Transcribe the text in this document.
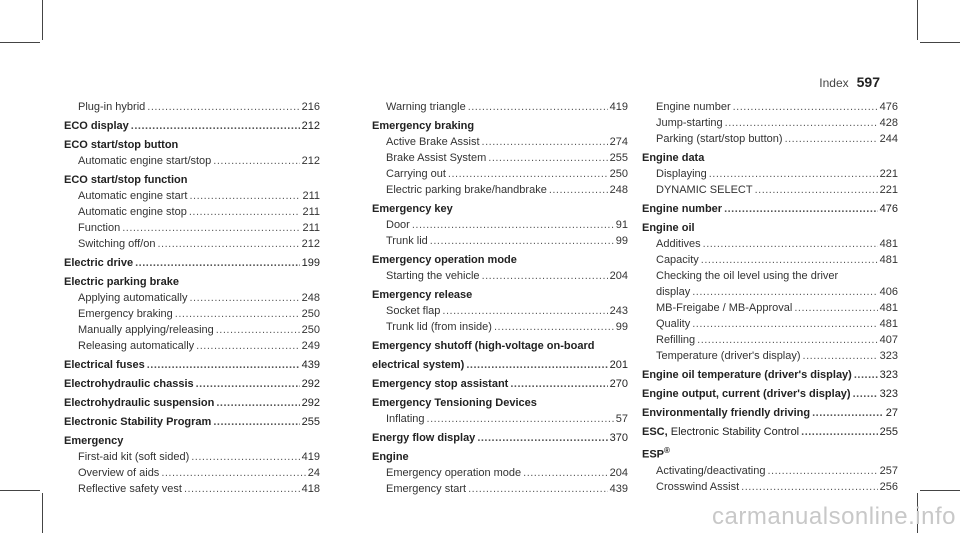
Index 597
Plug-in hybrid .....	216
ECO display .....	212
ECO start/stop button
Automatic engine start/stop .....	212
ECO start/stop function
Automatic engine start .....	211
Automatic engine stop .....	211
Function .....	211
Switching off/on .....	212
Electric drive .....	199
Electric parking brake
Applying automatically .....	248
Emergency braking .....	250
Manually applying/releasing .....	250
Releasing automatically .....	249
Electrical fuses .....	439
Electrohydraulic chassis .....	292
Electrohydraulic suspension .....	292
Electronic Stability Program .....	255
Emergency
First-aid kit (soft sided) .....	419
Overview of aids .....	24
Reflective safety vest .....	418
Warning triangle .....	419
Emergency braking
Active Brake Assist .....	274
Brake Assist System .....	255
Carrying out .....	250
Electric parking brake/handbrake .....	248
Emergency key
Door .....	91
Trunk lid .....	99
Emergency operation mode
Starting the vehicle .....	204
Emergency release
Socket flap .....	243
Trunk lid (from inside) .....	99
Emergency shutoff (high-voltage on-board
electrical system) .....	201
Emergency stop assistant .....	270
Emergency Tensioning Devices
Inflating .....	57
Energy flow display .....	370
Engine
Emergency operation mode .....	204
Emergency start .....	439
Engine number .....	476
Jump-starting .....	428
Parking (start/stop button) .....	244
Engine data
Displaying .....	221
DYNAMIC SELECT .....	221
Engine number .....	476
Engine oil
Additives .....	481
Capacity .....	481
Checking the oil level using the driver
display .....	406
MB-Freigabe / MB-Approval .....	481
Quality .....	481
Refilling .....	407
Temperature (driver's display) .....	323
Engine oil temperature (driver's display) .....	323
Engine output, current (driver's display) .....	323
Environmentally friendly driving .....	27
ESC, Electronic Stability Control .....	255
ESP®
Activating/deactivating .....	257
Crosswind Assist .....	256
carmanualsonline.info
